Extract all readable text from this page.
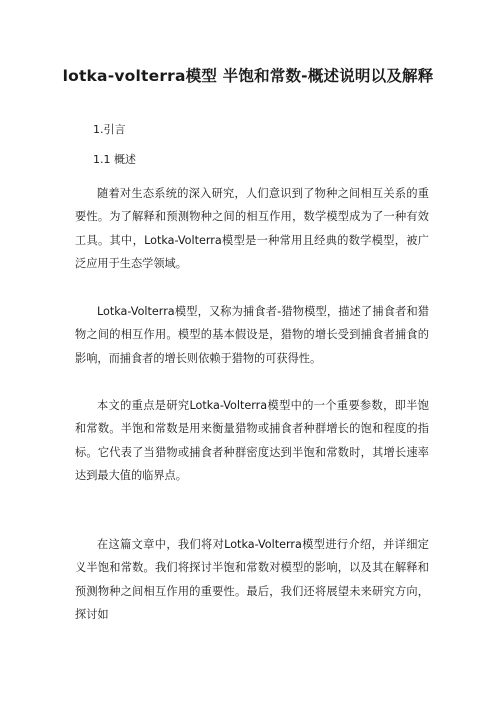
lotka-volterra模型 半饱和常数-概述说明以及解释
1.引言
1.1 概述

随着对生态系统的深入研究，人们意识到了物种之间相互关系的重要性。为了解释和预测物种之间的相互作用，数学模型成为了一种有效工具。其中，Lotka-Volterra模型是一种常用且经典的数学模型，被广泛应用于生态学领域。

Lotka-Volterra模型，又称为捕食者-猎物模型，描述了捕食者和猎物之间的相互作用。模型的基本假设是，猎物的增长受到捕食者捕食的影响，而捕食者的增长则依赖于猎物的可获得性。

本文的重点是研究Lotka-Volterra模型中的一个重要参数，即半饱和常数。半饱和常数是用来衡量猎物或捕食者种群增长的饱和程度的指标。它代表了当猎物或捕食者种群密度达到半饱和常数时，其增长速率达到最大值的临界点。

在这篇文章中，我们将对Lotka-Volterra模型进行介绍，并详细定义半饱和常数。我们将探讨半饱和常数对模型的影响，以及其在解释和预测物种之间相互作用的重要性。最后，我们还将展望未来研究方向，探讨如
